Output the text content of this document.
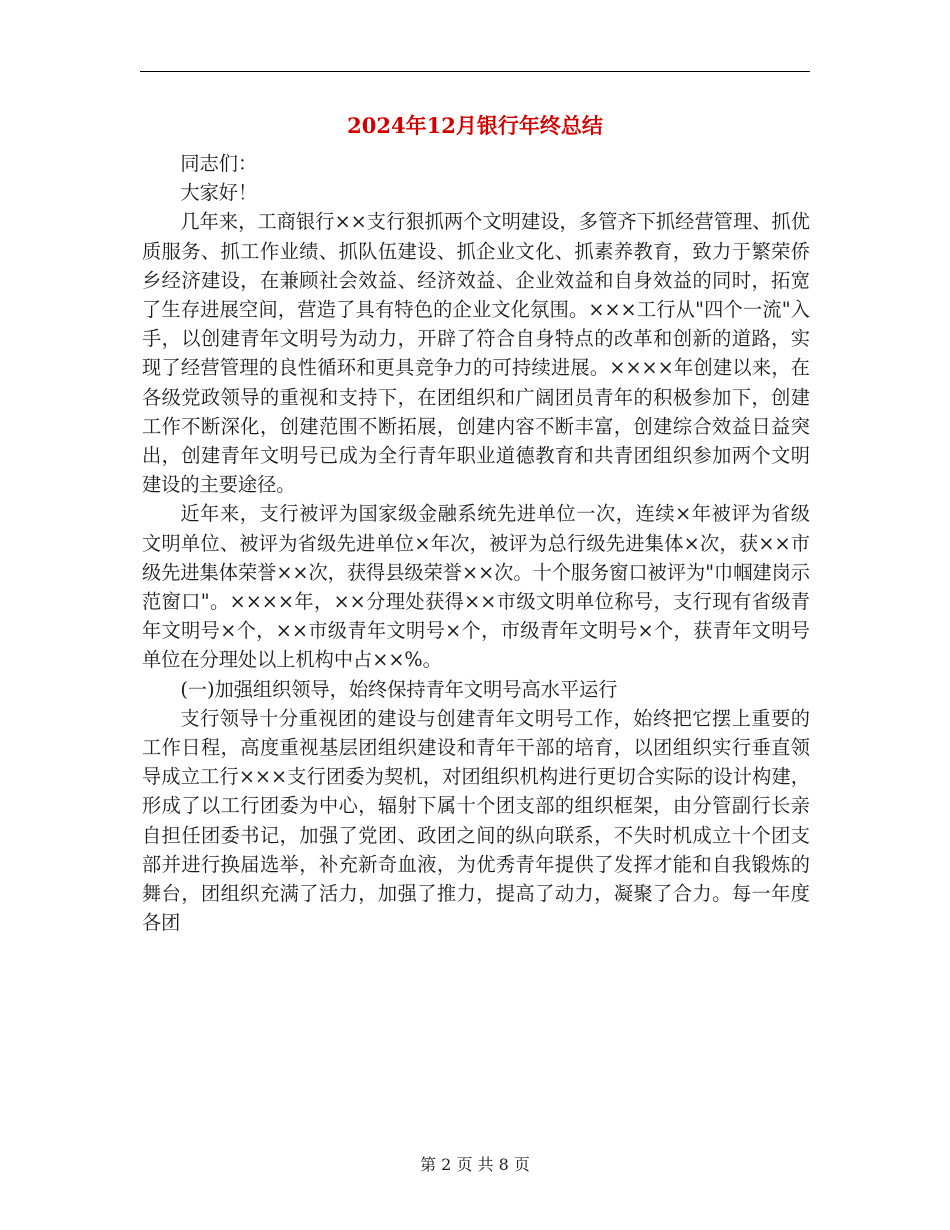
2024年12月银行年终总结

同志们：

大家好！

几年来，工商银行××支行狠抓两个文明建设，多管齐下抓经营管理、抓优质服务、抓工作业绩、抓队伍建设、抓企业文化、抓素养教育，致力于繁荣侨乡经济建设，在兼顾社会效益、经济效益、企业效益和自身效益的同时，拓宽了生存进展空间，营造了具有特色的企业文化氛围。×××工行从"四个一流"入手，以创建青年文明号为动力，开辟了符合自身特点的改革和创新的道路，实现了经营管理的良性循环和更具竞争力的可持续进展。××××年创建以来，在各级党政领导的重视和支持下，在团组织和广阔团员青年的积极参加下，创建工作不断深化，创建范围不断拓展，创建内容不断丰富，创建综合效益日益突出，创建青年文明号已成为全行青年职业道德教育和共青团组织参加两个文明建设的主要途径。

近年来，支行被评为国家级金融系统先进单位一次，连续×年被评为省级文明单位、被评为省级先进单位×年次，被评为总行级先进集体×次，获××市级先进集体荣誉××次，获得县级荣誉××次。十个服务窗口被评为"巾帼建岗示范窗口"。××××年，××分理处获得××市级文明单位称号，支行现有省级青年文明号×个，××市级青年文明号×个，市级青年文明号×个，获青年文明号单位在分理处以上机构中占××%。

(一)加强组织领导，始终保持青年文明号高水平运行

支行领导十分重视团的建设与创建青年文明号工作，始终把它摆上重要的工作日程，高度重视基层团组织建设和青年干部的培育，以团组织实行垂直领导成立工行×××支行团委为契机，对团组织机构进行更切合实际的设计构建，形成了以工行团委为中心，辐射下属十个团支部的组织框架，由分管副行长亲自担任团委书记，加强了党团、政团之间的纵向联系，不失时机成立十个团支部并进行换届选举，补充新奇血液，为优秀青年提供了发挥才能和自我锻炼的舞台，团组织充满了活力，加强了推力，提高了动力，凝聚了合力。每一年度各团

第 2 页 共 8 页
